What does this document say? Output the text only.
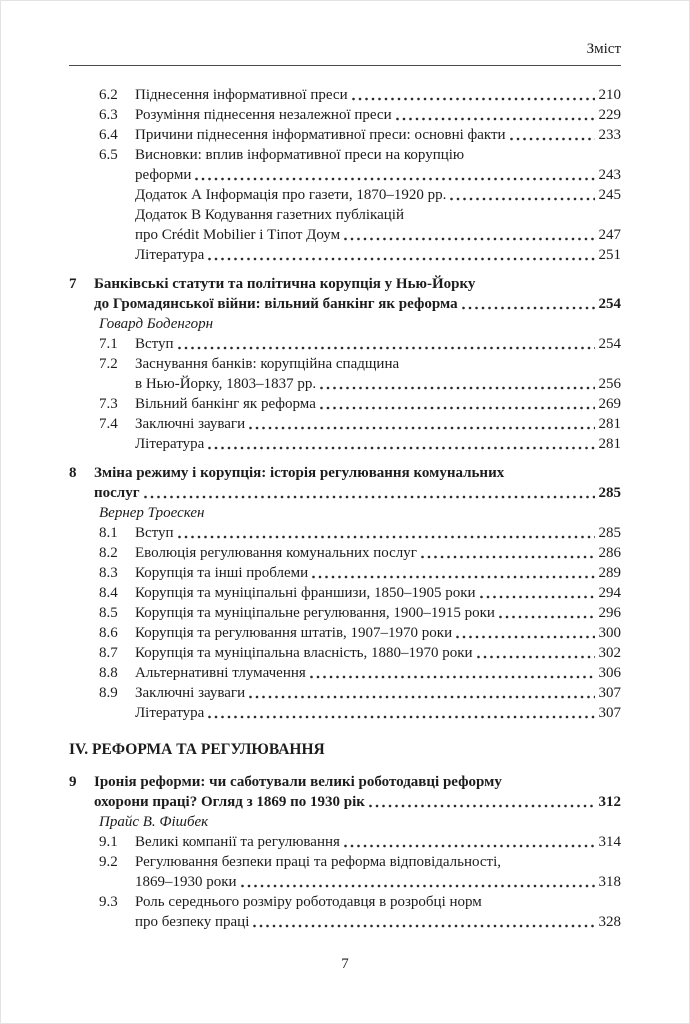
Зміст
6.2	Піднесення інформативної преси	210
6.3	Розуміння піднесення незалежної преси	229
6.4	Причини піднесення інформативної преси: основні факти	233
6.5	Висновки: вплив інформативної преси на корупцію
реформи	243
Додаток А Інформація про газети, 1870–1920 рр.	245
Додаток В Кодування газетних публікацій
про Crédit Mobilier і Тіпот Доум	247
Література	251
7	Банківські статути та політична корупція у Нью-Йорку
до Громадянської війни: вільний банкінг як реформа	254
Говард Боденгорн
7.1	Вступ	254
7.2	Заснування банків: корупційна спадщина
в Нью-Йорку, 1803–1837 рр.	256
7.3	Вільний банкінг як реформа	269
7.4	Заключні зауваги	281
Література	281
8	Зміна режиму і корупція: історія регулювання комунальних
послуг	285
Вернер Троескен
8.1	Вступ	285
8.2	Еволюція регулювання комунальних послуг	286
8.3	Корупція та інші проблеми	289
8.4	Корупція та муніціпальні франшизи, 1850–1905 роки	294
8.5	Корупція та муніціпальне регулювання, 1900–1915 роки	296
8.6	Корупція та регулювання штатів, 1907–1970 роки	300
8.7	Корупція та муніціпальна власність, 1880–1970 роки	302
8.8	Альтернативні тлумачення	306
8.9	Заключні зауваги	307
Література	307
IV. РЕФОРМА ТА РЕГУЛЮВАННЯ
9	Іронія реформи: чи саботували великі роботодавці реформу
охорони праці? Огляд з 1869 по 1930 рік	312
Прайс В. Фішбек
9.1	Великі компанії та регулювання	314
9.2	Регулювання безпеки праці та реформа відповідальності,
1869–1930 роки	318
9.3	Роль середнього розміру роботодавця в розробці норм
про безпеку праці	328
7
